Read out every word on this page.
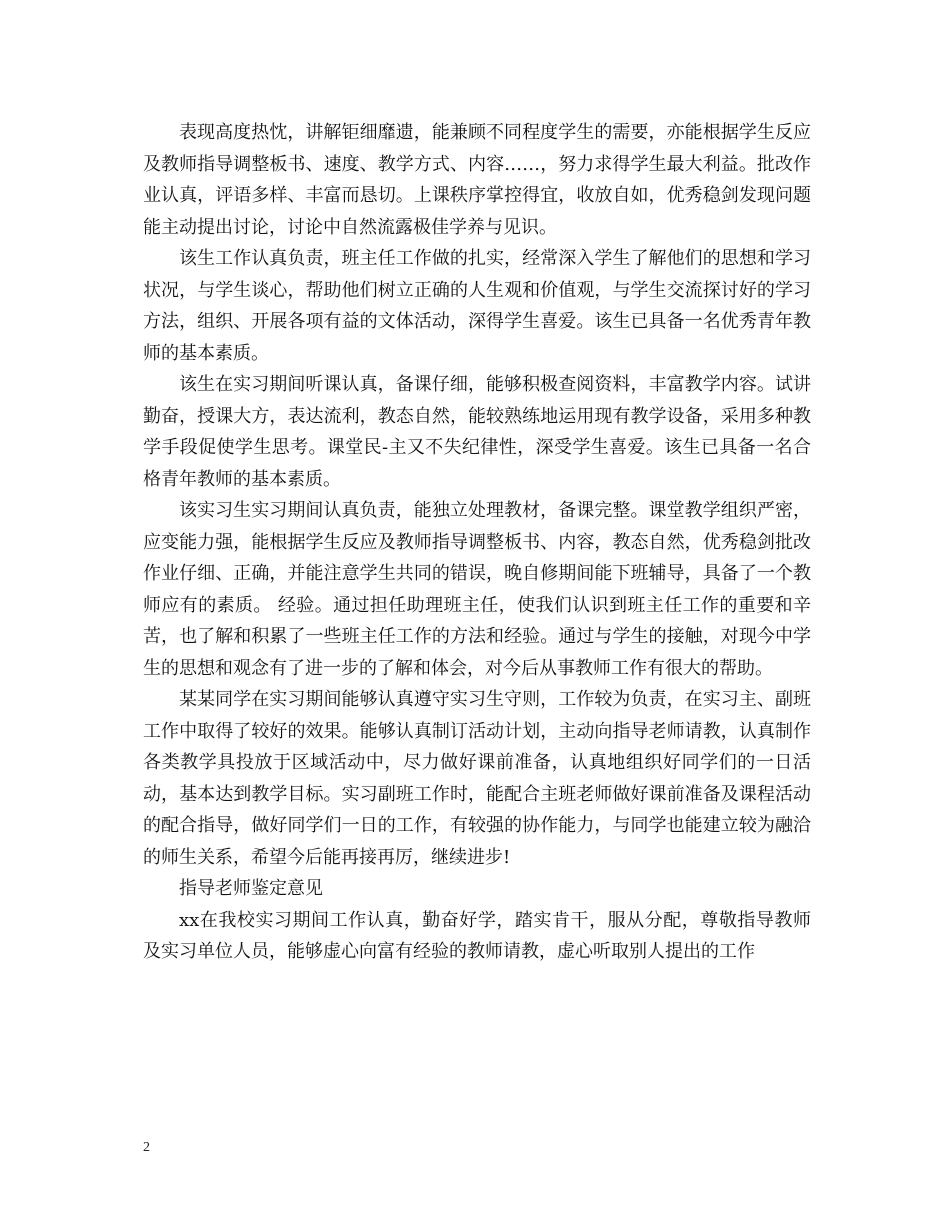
表现高度热忱，讲解钜细靡遗，能兼顾不同程度学生的需要，亦能根据学生反应及教师指导调整板书、速度、教学方式、内容……，努力求得学生最大利益。批改作业认真，评语多样、丰富而恳切。上课秩序掌控得宜，收放自如，优秀稳剑发现问题能主动提出讨论，讨论中自然流露极佳学养与见识。

该生工作认真负责，班主任工作做的扎实，经常深入学生了解他们的思想和学习状况，与学生谈心，帮助他们树立正确的人生观和价值观，与学生交流探讨好的学习方法，组织、开展各项有益的文体活动，深得学生喜爱。该生已具备一名优秀青年教师的基本素质。

该生在实习期间听课认真，备课仔细，能够积极查阅资料，丰富教学内容。试讲勤奋，授课大方，表达流利，教态自然，能较熟练地运用现有教学设备，采用多种教学手段促使学生思考。课堂民-主又不失纪律性，深受学生喜爱。该生已具备一名合格青年教师的基本素质。

该实习生实习期间认真负责，能独立处理教材，备课完整。课堂教学组织严密，应变能力强，能根据学生反应及教师指导调整板书、内容，教态自然，优秀稳剑批改作业仔细、正确，并能注意学生共同的错误，晚自修期间能下班辅导，具备了一个教师应有的素质。 经验。通过担任助理班主任，使我们认识到班主任工作的重要和辛苦，也了解和积累了一些班主任工作的方法和经验。通过与学生的接触，对现今中学生的思想和观念有了进一步的了解和体会，对今后从事教师工作有很大的帮助。

某某同学在实习期间能够认真遵守实习生守则，工作较为负责，在实习主、副班工作中取得了较好的效果。能够认真制订活动计划，主动向指导老师请教，认真制作各类教学具投放于区域活动中，尽力做好课前准备，认真地组织好同学们的一日活动，基本达到教学目标。实习副班工作时，能配合主班老师做好课前准备及课程活动的配合指导，做好同学们一日的工作，有较强的协作能力，与同学也能建立较为融洽的师生关系，希望今后能再接再厉，继续进步!

指导老师鉴定意见

xx在我校实习期间工作认真，勤奋好学，踏实肯干，服从分配，尊敬指导教师及实习单位人员，能够虚心向富有经验的教师请教，虚心听取别人提出的工作

2
